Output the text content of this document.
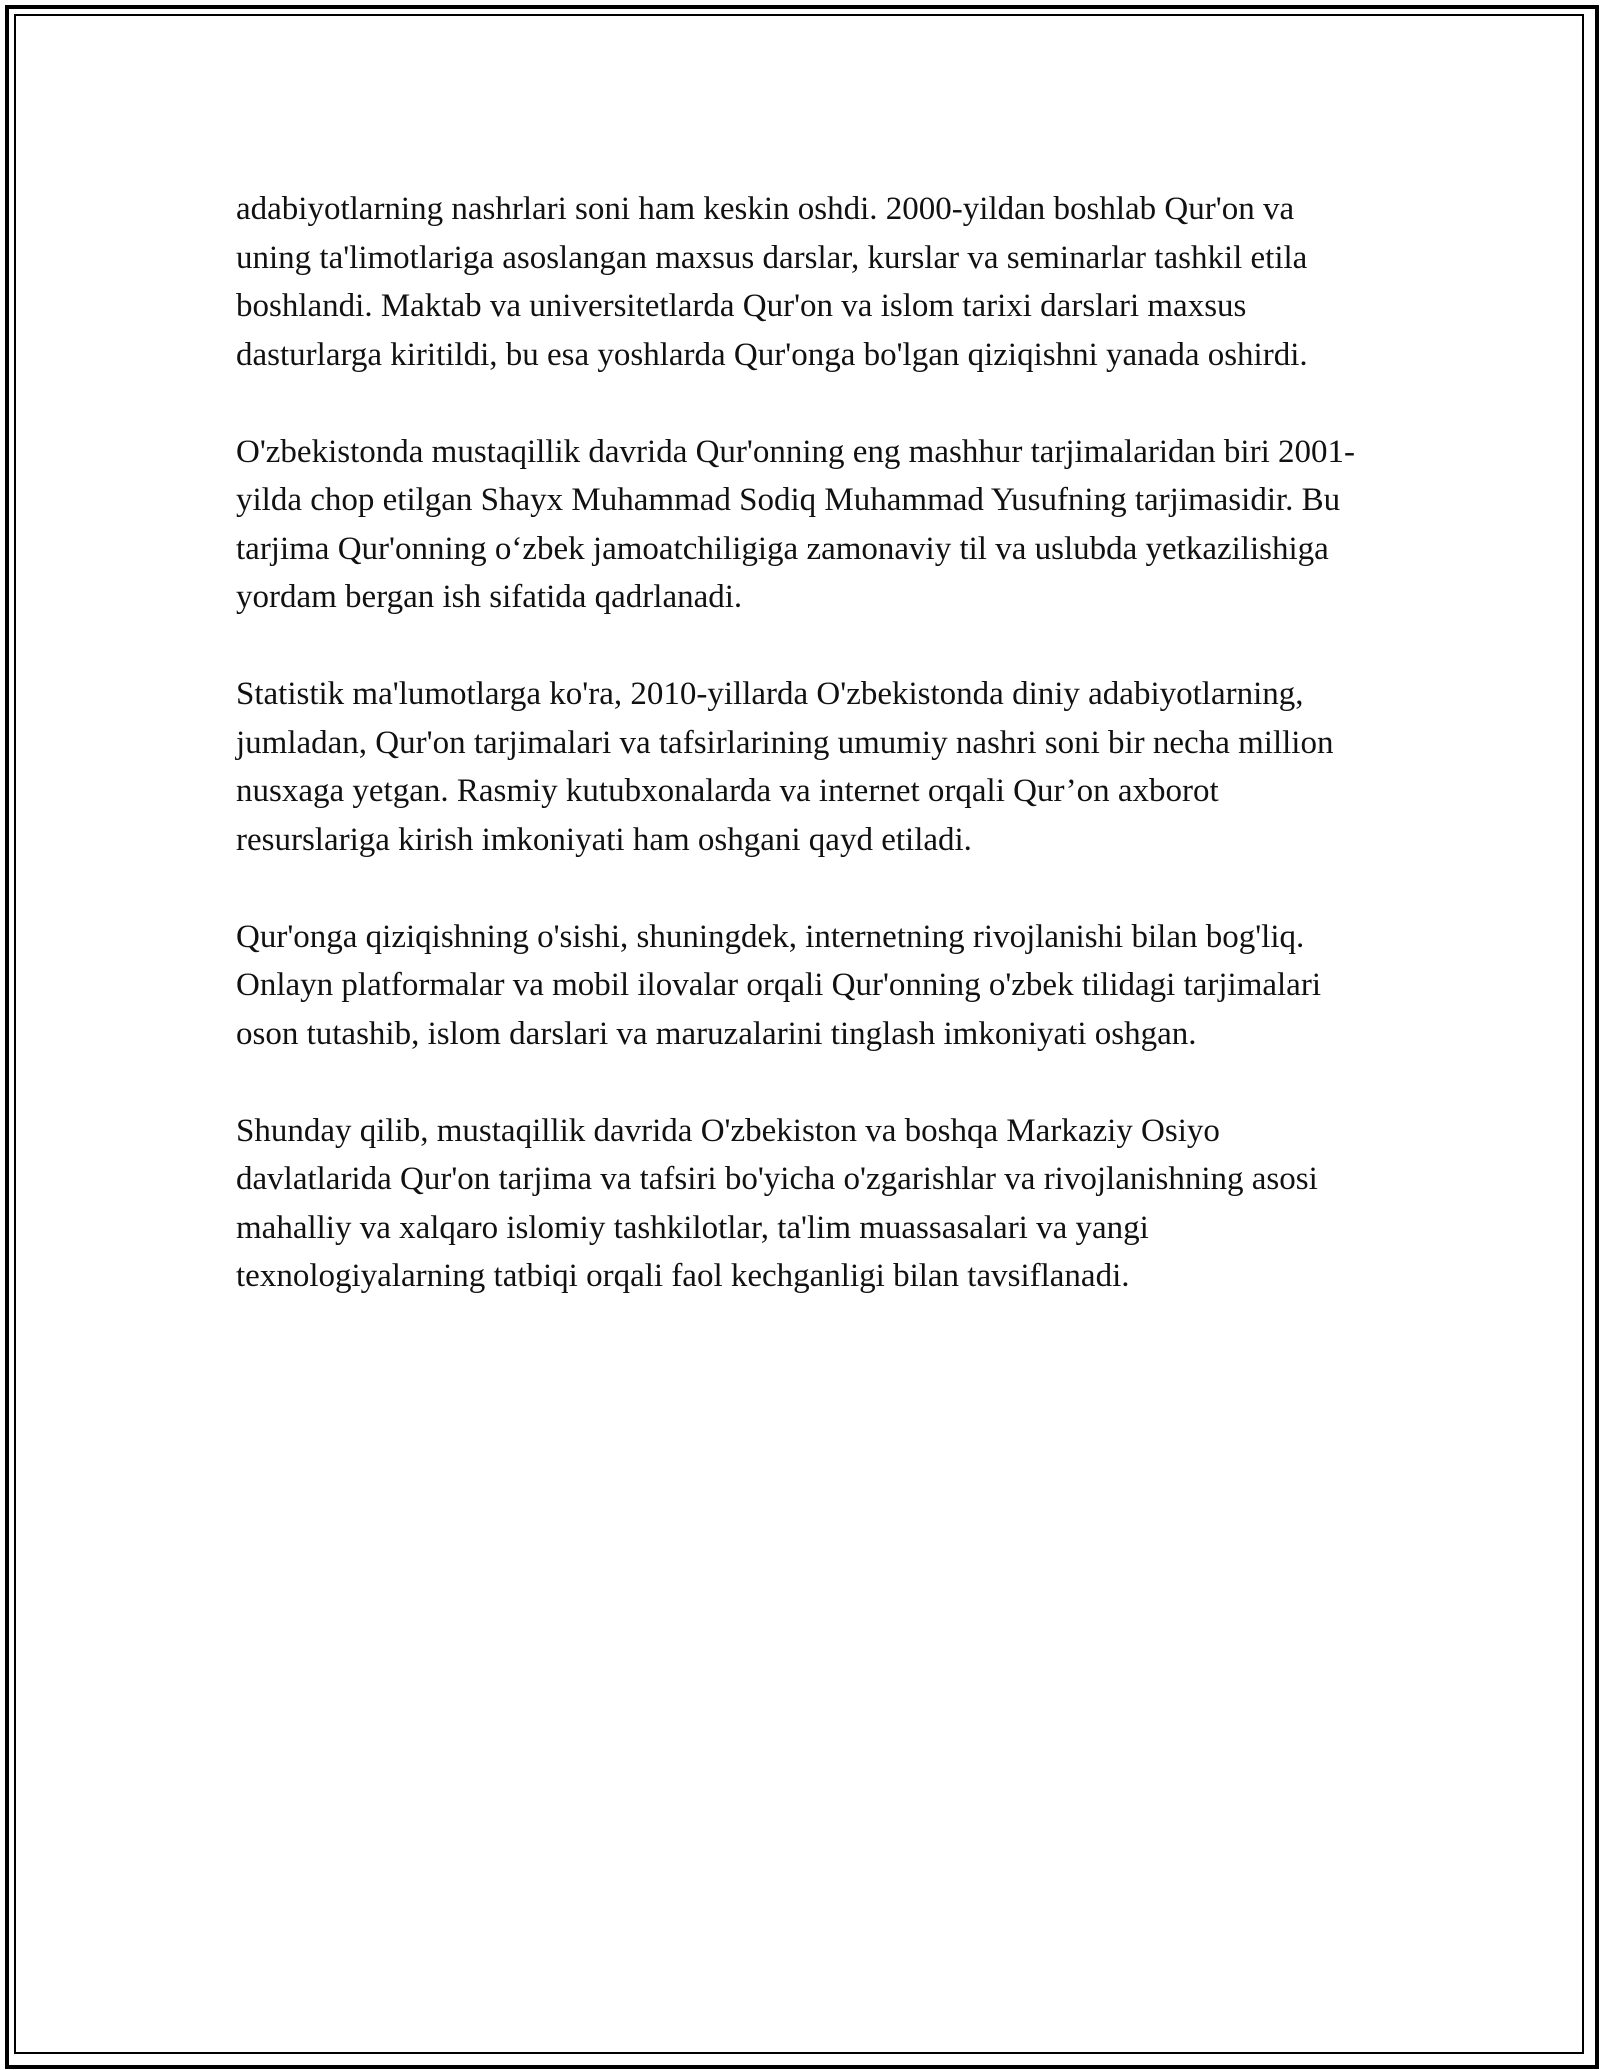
adabiyotlarning nashrlari soni ham keskin oshdi. 2000-yildan boshlab Qur'on va uning ta'limotlariga asoslangan maxsus darslar, kurslar va seminarlar tashkil etila boshlandi. Maktab va universitetlarda Qur'on va islom tarixi darslari maxsus dasturlarga kiritildi, bu esa yoshlarda Qur'onga bo'lgan qiziqishni yanada oshirdi.

O'zbekistonda mustaqillik davrida Qur'onning eng mashhur tarjimalaridan biri 2001-yilda chop etilgan Shayx Muhammad Sodiq Muhammad Yusufning tarjimasidir. Bu tarjima Qur'onning o‘zbek jamoatchiligiga zamonaviy til va uslubda yetkazilishiga yordam bergan ish sifatida qadrlanadi.

Statistik ma'lumotlarga ko'ra, 2010-yillarda O'zbekistonda diniy adabiyotlarning, jumladan, Qur'on tarjimalari va tafsirlarining umumiy nashri soni bir necha million nusxaga yetgan. Rasmiy kutubxonalarda va internet orqali Qur’on axborot resurslariga kirish imkoniyati ham oshgani qayd etiladi.

Qur'onga qiziqishning o'sishi, shuningdek, internetning rivojlanishi bilan bog'liq. Onlayn platformalar va mobil ilovalar orqali Qur'onning o'zbek tilidagi tarjimalari oson tutashib, islom darslari va maruzalarini tinglash imkoniyati oshgan.

Shunday qilib, mustaqillik davrida O'zbekiston va boshqa Markaziy Osiyo davlatlarida Qur'on tarjima va tafsiri bo'yicha o'zgarishlar va rivojlanishning asosi mahalliy va xalqaro islomiy tashkilotlar, ta'lim muassasalari va yangi texnologiyalarning tatbiqi orqali faol kechganligi bilan tavsiflanadi.
